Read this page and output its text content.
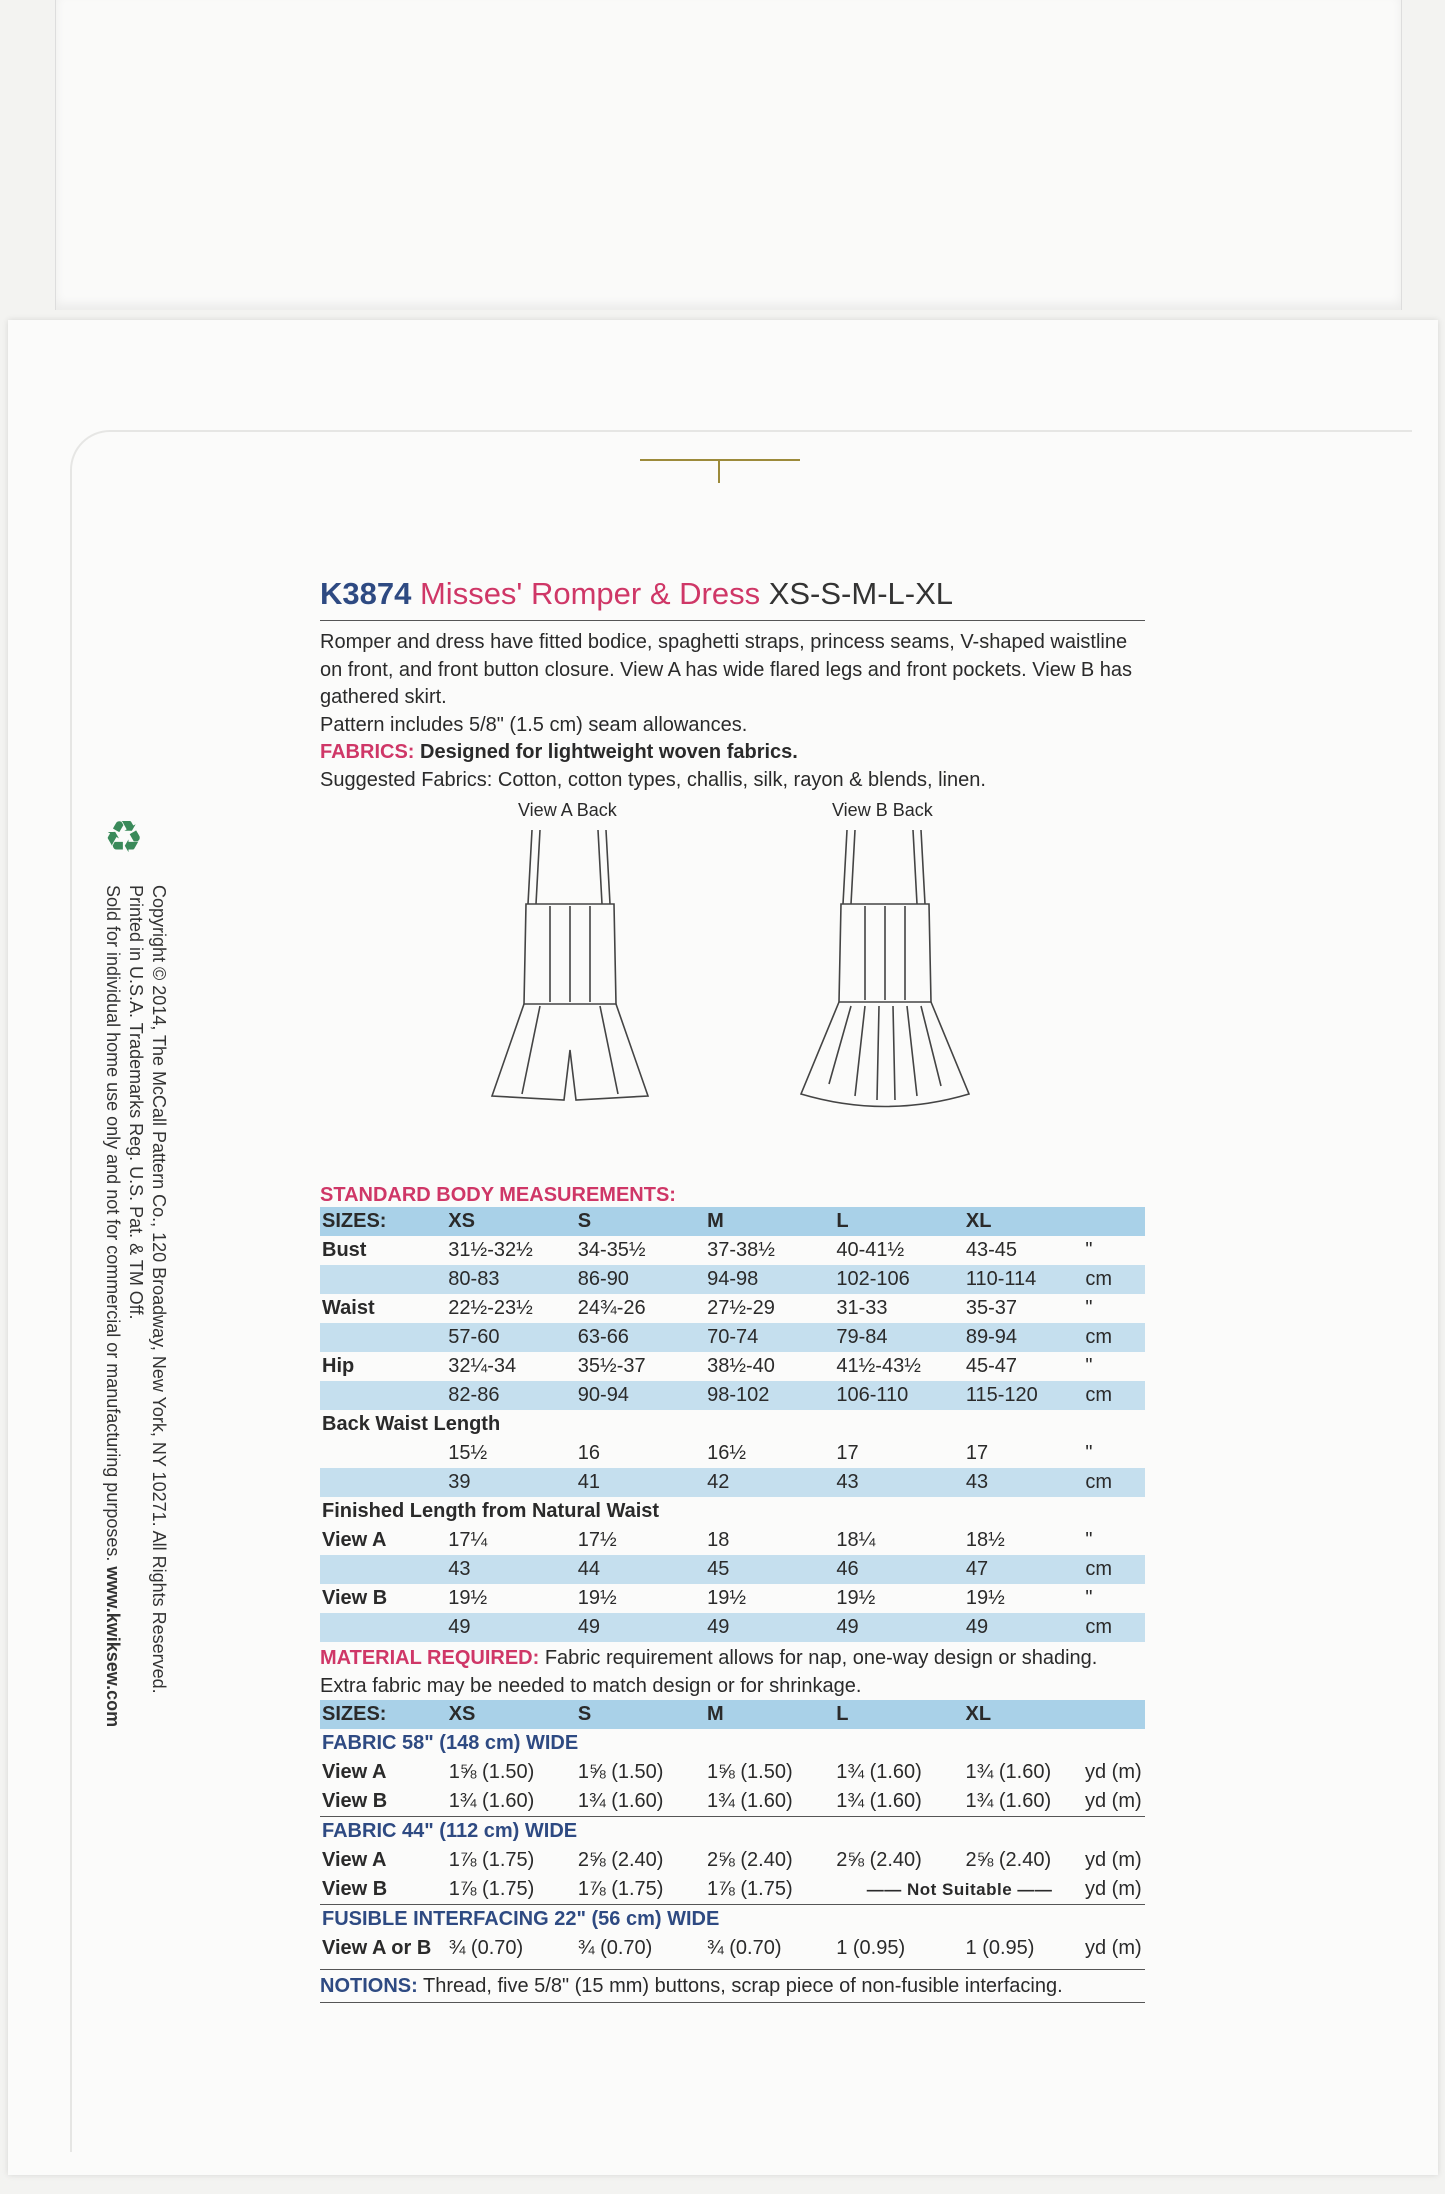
♻
Copyright © 2014, The McCall Pattern Co., 120 Broadway, New York, NY 10271. All Rights Reserved.
Printed in U.S.A. Trademarks Reg. U.S. Pat. & TM Off.
Sold for individual home use only and not for commercial or manufacturing purposes. www.kwiksew.com
K3874 Misses' Romper & Dress XS-S-M-L-XL
Romper and dress have fitted bodice, spaghetti straps, princess seams, V-shaped waistline on front, and front button closure. View A has wide flared legs and front pockets. View B has gathered skirt.
Pattern includes 5/8" (1.5 cm) seam allowances.
FABRICS: Designed for lightweight woven fabrics.
Suggested Fabrics: Cotton, cotton types, challis, silk, rayon & blends, linen.
View A Back	View B Back
STANDARD BODY MEASUREMENTS:
SIZES:	XS	S	M	L	XL	
Bust	31½-32½	34-35½	37-38½	40-41½	43-45	"
	80-83	86-90	94-98	102-106	110-114	cm
Waist	22½-23½	24¾-26	27½-29	31-33	35-37	"
	57-60	63-66	70-74	79-84	89-94	cm
Hip	32¼-34	35½-37	38½-40	41½-43½	45-47	"
	82-86	90-94	98-102	106-110	115-120	cm
Back Waist Length						
	15½	16	16½	17	17	"
	39	41	42	43	43	cm
Finished Length from Natural Waist						
View A	17¼	17½	18	18¼	18½	"
	43	44	45	46	47	cm
View B	19½	19½	19½	19½	19½	"
	49	49	49	49	49	cm
MATERIAL REQUIRED: Fabric requirement allows for nap, one-way design or shading. Extra fabric may be needed to match design or for shrinkage.
SIZES:	XS	S	M	L	XL	
FABRIC 58" (148 cm) WIDE						
View A	1⅝ (1.50)	1⅝ (1.50)	1⅝ (1.50)	1¾ (1.60)	1¾ (1.60)	yd (m)
View B	1¾ (1.60)	1¾ (1.60)	1¾ (1.60)	1¾ (1.60)	1¾ (1.60)	yd (m)
FABRIC 44" (112 cm) WIDE						
View A	1⅞ (1.75)	2⅝ (2.40)	2⅝ (2.40)	2⅝ (2.40)	2⅝ (2.40)	yd (m)
View B	1⅞ (1.75)	1⅞ (1.75)	1⅞ (1.75)	—— Not Suitable ——		yd (m)
FUSIBLE INTERFACING 22" (56 cm) WIDE						
View A or B	¾ (0.70)	¾ (0.70)	¾ (0.70)	1 (0.95)	1 (0.95)	yd (m)
NOTIONS: Thread, five 5/8" (15 mm) buttons, scrap piece of non-fusible interfacing.
